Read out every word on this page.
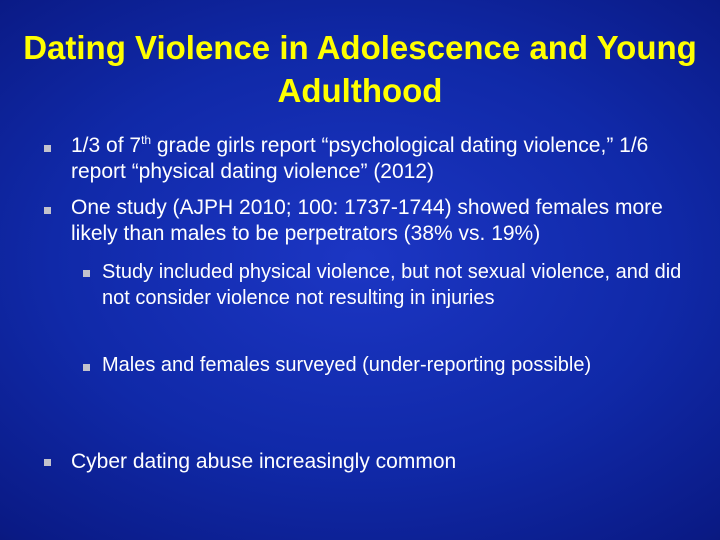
Dating Violence in Adolescence and Young Adulthood

1/3 of 7th grade girls report “psychological dating violence,” 1/6 report “physical dating violence” (2012)

One study (AJPH 2010; 100: 1737-1744) showed females more likely than males to be perpetrators (38% vs. 19%)

Study included physical violence, but not sexual violence, and did not consider violence not resulting in injuries

Males and females surveyed (under-reporting possible)

Cyber dating abuse increasingly common
